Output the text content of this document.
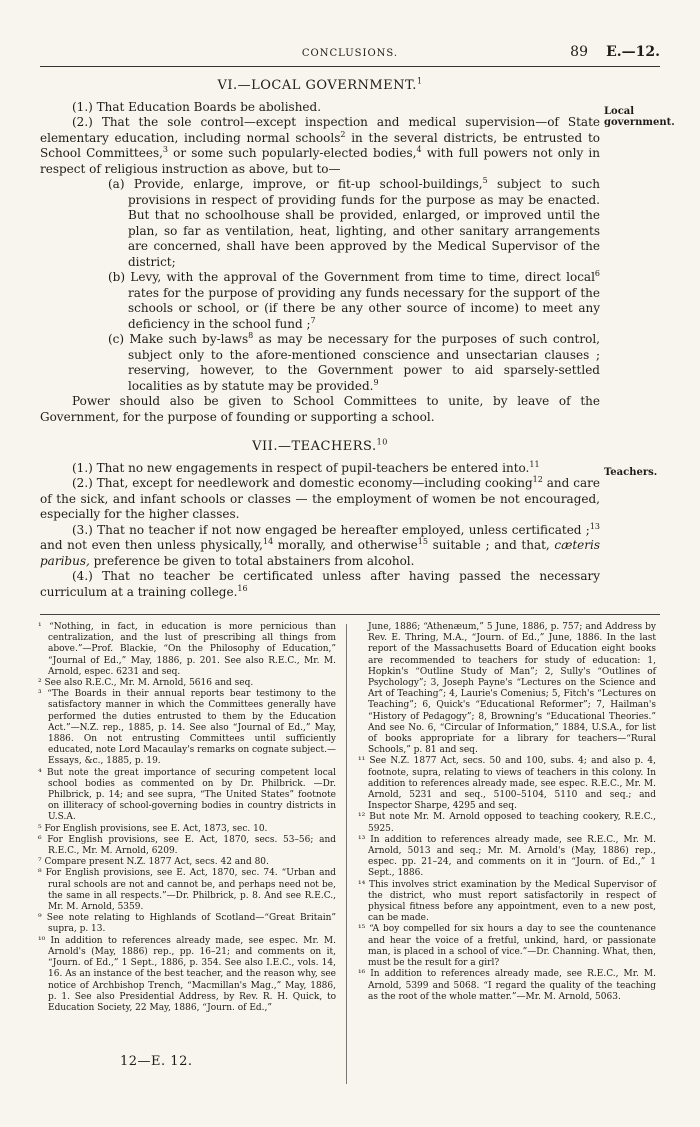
CONCLUSIONS.	89 E.—12.
Local government.
Teachers.
VI.—LOCAL GOVERNMENT.$^1$

(1.) That Education Boards be abolished.

(2.) That the sole control—except inspection and medical supervision—of State elementary education, including normal schools$^2$ in the several districts, be entrusted to School Committees,$^3$ or some such popularly-elected bodies,$^4$ with full powers not only in respect of religious instruction as above, but to—

(a) Provide, enlarge, improve, or fit-up school-buildings,$^5$ subject to such provisions in respect of providing funds for the purpose as may be enacted. But that no schoolhouse shall be provided, enlarged, or improved until the plan, so far as ventilation, heat, lighting, and other sanitary arrangements are concerned, shall have been approved by the Medical Supervisor of the district;

(b) Levy, with the approval of the Government from time to time, direct local$^6$ rates for the purpose of providing any funds necessary for the support of the schools or school, or (if there be any other source of income) to meet any deficiency in the school fund ;$^7$

(c) Make such by-laws$^8$ as may be necessary for the purposes of such control, subject only to the afore-mentioned conscience and unsectarian clauses ; reserving, however, to the Government power to aid sparsely-settled localities as by statute may be provided.$^9$

Power should also be given to School Committees to unite, by leave of the Government, for the purpose of founding or supporting a school.

VII.—TEACHERS.$^{10}$

(1.) That no new engagements in respect of pupil-teachers be entered into.$^{11}$

(2.) That, except for needlework and domestic economy—including cooking$^{12}$ and care of the sick, and infant schools or classes — the employment of women be not encouraged, especially for the higher classes.

(3.) That no teacher if not now engaged be hereafter employed, unless certificated ;$^{13}$ and not even then unless physically,$^{14}$ morally, and otherwise$^{15}$ suitable ; and that, cæteris paribus, preference be given to total abstainers from alcohol.

(4.) That no teacher be certificated unless after having passed the necessary curriculum at a training college.$^{16}$

¹ “Nothing, in fact, in education is more pernicious than centralization, and the lust of prescribing all things from above.”—Prof. Blackie, “On the Philosophy of Education,” “Journal of Ed.,” May, 1886, p. 201. See also R.E.C., Mr. M. Arnold, espec. 6231 and seq.

² See also R.E.C., Mr. M. Arnold, 5616 and seq.

³ “The Boards in their annual reports bear testimony to the satisfactory manner in which the Committees generally have performed the duties entrusted to them by the Education Act.”—N.Z. rep., 1885, p. 14. See also “Journal of Ed.,” May, 1886. On not entrusting Committees until sufficiently educated, note Lord Macaulay's remarks on cognate subject.—Essays, &c., 1885, p. 19.

⁴ But note the great importance of securing competent local school bodies as commented on by Dr. Philbrick. —Dr. Philbrick, p. 14; and see supra, “The United States” footnote on illiteracy of school-governing bodies in country districts in U.S.A.

⁵ For English provisions, see E. Act, 1873, sec. 10.

⁶ For English provisions, see E. Act, 1870, secs. 53–56; and R.E.C., Mr. M. Arnold, 6209.

⁷ Compare present N.Z. 1877 Act, secs. 42 and 80.

⁸ For English provisions, see E. Act, 1870, sec. 74. “Urban and rural schools are not and cannot be, and perhaps need not be, the same in all respects.”—Dr. Philbrick, p. 8. And see R.E.C., Mr. M. Arnold, 5359.

⁹ See note relating to Highlands of Scotland—“Great Britain” supra, p. 13.

¹⁰ In addition to references already made, see espec. Mr. M. Arnold's (May, 1886) rep., pp. 16–21; and comments on it, “Journ. of Ed.,” 1 Sept., 1886, p. 354. See also I.E.C., vols. 14, 16. As an instance of the best teacher, and the reason why, see notice of Archbishop Trench, “Macmillan's Mag.,” May, 1886, p. 1. See also Presidential Address, by Rev. R. H. Quick, to Education Society, 22 May, 1886, “Journ. of Ed.,”

June, 1886; “Athenæum,” 5 June, 1886, p. 757; and Address by Rev. E. Thring, M.A., “Journ. of Ed.,” June, 1886. In the last report of the Massachusetts Board of Education eight books are recommended to teachers for study of education: 1, Hopkin's “Outline Study of Man”; 2, Sully's “Outlines of Psychology”; 3, Joseph Payne's “Lectures on the Science and Art of Teaching”; 4, Laurie's Comenius; 5, Fitch's “Lectures on Teaching”; 6, Quick's “Educational Reformer”; 7, Hailman's “History of Pedagogy”; 8, Browning's “Educational Theories.” And see No. 6, “Circular of Information,” 1884, U.S.A., for list of books appropriate for a library for teachers—“Rural Schools,” p. 81 and seq.

¹¹ See N.Z. 1877 Act, secs. 50 and 100, subs. 4; and also p. 4, footnote, supra, relating to views of teachers in this colony. In addition to references already made, see espec. R.E.C., Mr. M. Arnold, 5231 and seq., 5100–5104, 5110 and seq.; and Inspector Sharpe, 4295 and seq.

¹² But note Mr. M. Arnold opposed to teaching cookery, R.E.C., 5925.

¹³ In addition to references already made, see R.E.C., Mr. M. Arnold, 5013 and seq.; Mr. M. Arnold's (May, 1886) rep., espec. pp. 21–24, and comments on it in “Journ. of Ed.,” 1 Sept., 1886.

¹⁴ This involves strict examination by the Medical Supervisor of the district, who must report satisfactorily in respect of physical fitness before any appointment, even to a new post, can be made.

¹⁵ “A boy compelled for six hours a day to see the countenance and hear the voice of a fretful, unkind, hard, or passionate man, is placed in a school of vice.”—Dr. Channing. What, then, must be the result for a girl?

¹⁶ In addition to references already made, see R.E.C., Mr. M. Arnold, 5399 and 5068. “I regard the quality of the teaching as the root of the whole matter.”—Mr. M. Arnold, 5063.

12—E. 12.
